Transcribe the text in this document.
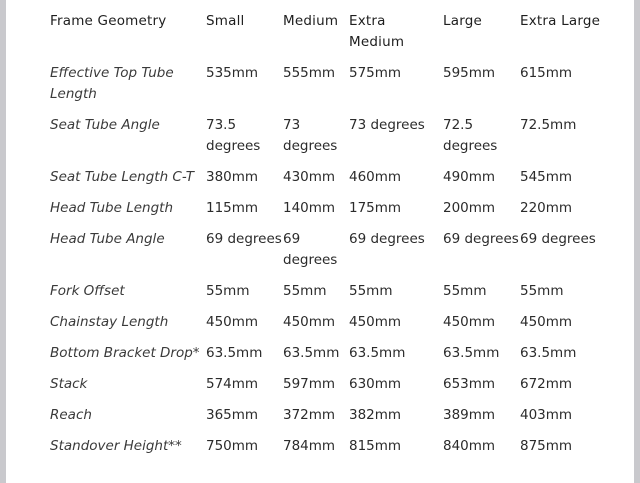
Frame Geometry	Small	Medium	Extra Medium	Large	Extra Large
Effective Top Tube Length	535mm	555mm	575mm	595mm	615mm
Seat Tube Angle	73.5 degrees	73 degrees	73 degrees	72.5 degrees	72.5mm
Seat Tube Length C-T	380mm	430mm	460mm	490mm	545mm
Head Tube Length	115mm	140mm	175mm	200mm	220mm
Head Tube Angle	69 degrees	69 degrees	69 degrees	69 degrees	69 degrees
Fork Offset	55mm	55mm	55mm	55mm	55mm
Chainstay Length	450mm	450mm	450mm	450mm	450mm
Bottom Bracket Drop*	63.5mm	63.5mm	63.5mm	63.5mm	63.5mm
Stack	574mm	597mm	630mm	653mm	672mm
Reach	365mm	372mm	382mm	389mm	403mm
Standover Height**	750mm	784mm	815mm	840mm	875mm
